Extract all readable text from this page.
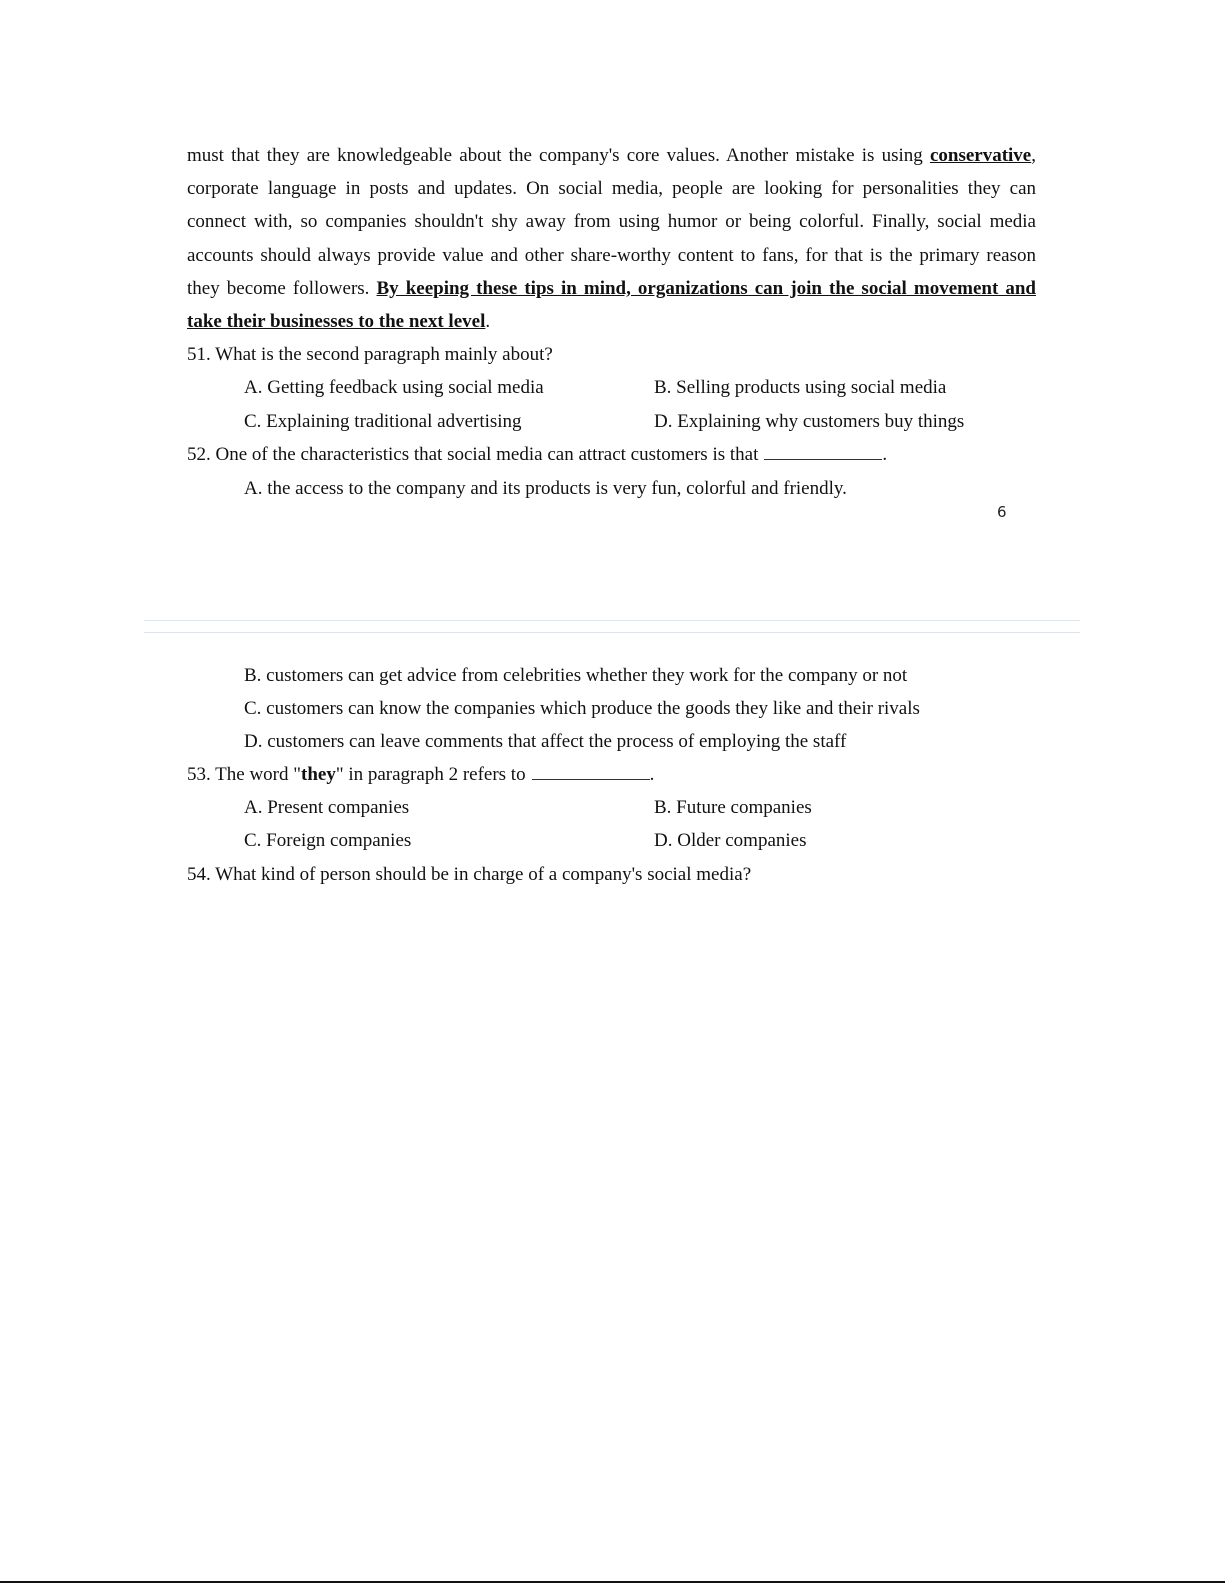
must that they are knowledgeable about the company's core values. Another mistake is using conservative,
corporate language in posts and updates. On social media, people are looking for personalities they can
connect with, so companies shouldn't shy away from using humor or being colorful. Finally, social media
accounts should always provide value and other share-worthy content to fans, for that is the primary reason
they become followers. By keeping these tips in mind, organizations can join the social movement and
take their businesses to the next level.
51. What is the second paragraph mainly about?
A. Getting feedback using social media	B. Selling products using social media
C. Explaining traditional advertising	D. Explaining why customers buy things
52. One of the characteristics that social media can attract customers is that	.
A. the access to the company and its products is very fun, colorful and friendly.
6
B. customers can get advice from celebrities whether they work for the company or not
C. customers can know the companies which produce the goods they like and their rivals
D. customers can leave comments that affect the process of employing the staff
53. The word "they" in paragraph 2 refers to	.
A. Present companies	B. Future companies
C. Foreign companies	D. Older companies
54. What kind of person should be in charge of a company's social media?
